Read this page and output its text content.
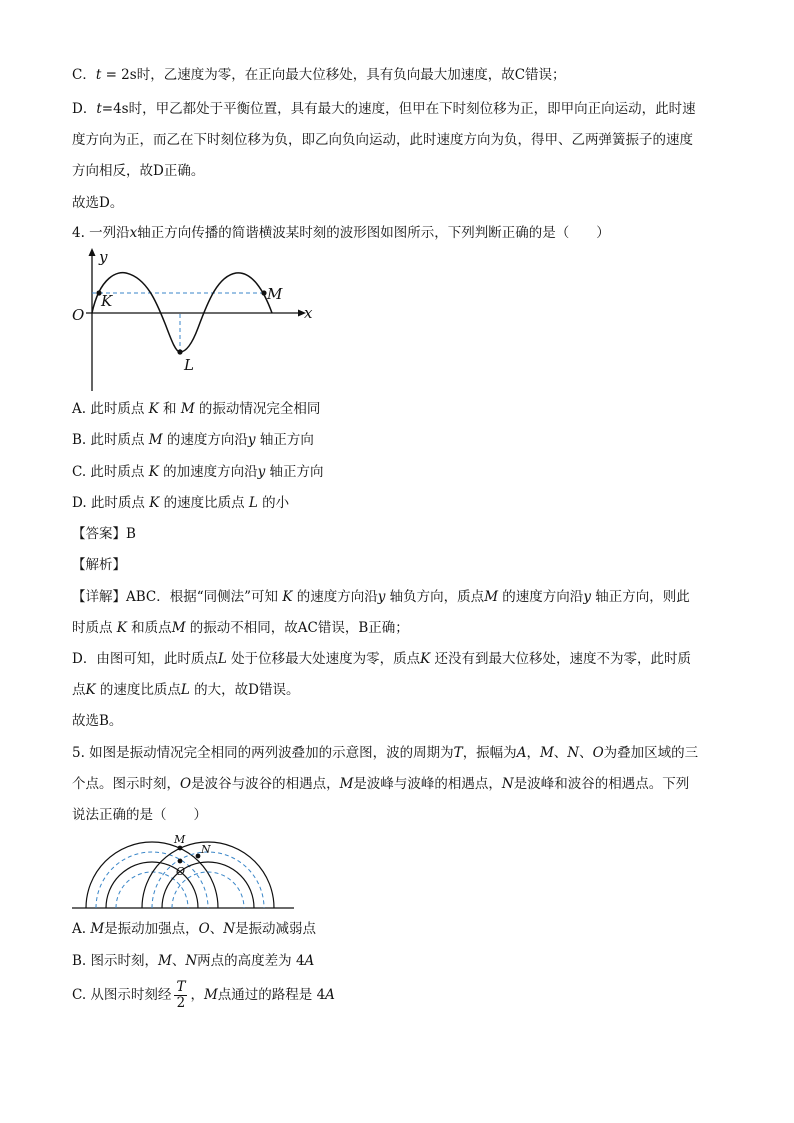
C．t = 2s时，乙速度为零，在正向最大位移处，具有负向最大加速度，故C错误；
D．t=4s时，甲乙都处于平衡位置，具有最大的速度，但甲在下时刻位移为正，即甲向正向运动，此时速
度方向为正，而乙在下时刻位移为负，即乙向负向运动，此时速度方向为负，得甲、乙两弹簧振子的速度
方向相反，故D正确。
故选D。
4. 一列沿x轴正方向传播的简谐横波某时刻的波形图如图所示，下列判断正确的是（　　）
y
x
O
K	M
L
A. 此时质点 K 和 M 的振动情况完全相同
B. 此时质点 M 的速度方向沿y 轴正方向
C. 此时质点 K 的加速度方向沿y 轴正方向
D. 此时质点 K 的速度比质点 L 的小
【答案】B
【解析】
【详解】ABC．根据“同侧法”可知 K 的速度方向沿y 轴负方向，质点M 的速度方向沿y 轴正方向，则此
时质点 K 和质点M 的振动不相同，故AC错误，B正确；
D．由图可知，此时质点L 处于位移最大处速度为零，质点K 还没有到最大位移处，速度不为零，此时质
点K 的速度比质点L 的大，故D错误。
故选B。
5. 如图是振动情况完全相同的两列波叠加的示意图，波的周期为T，振幅为A，M、N、O为叠加区域的三
个点。图示时刻，O是波谷与波谷的相遇点，M是波峰与波峰的相遇点，N是波峰和波谷的相遇点。下列
说法正确的是（　　）
M
N
O
A. M是振动加强点，O、N是振动减弱点
B. 图示时刻，M、N两点的高度差为 4A
C. 从图示时刻经 $\frac{T}{2}$ ，M点通过的路程是 4A
